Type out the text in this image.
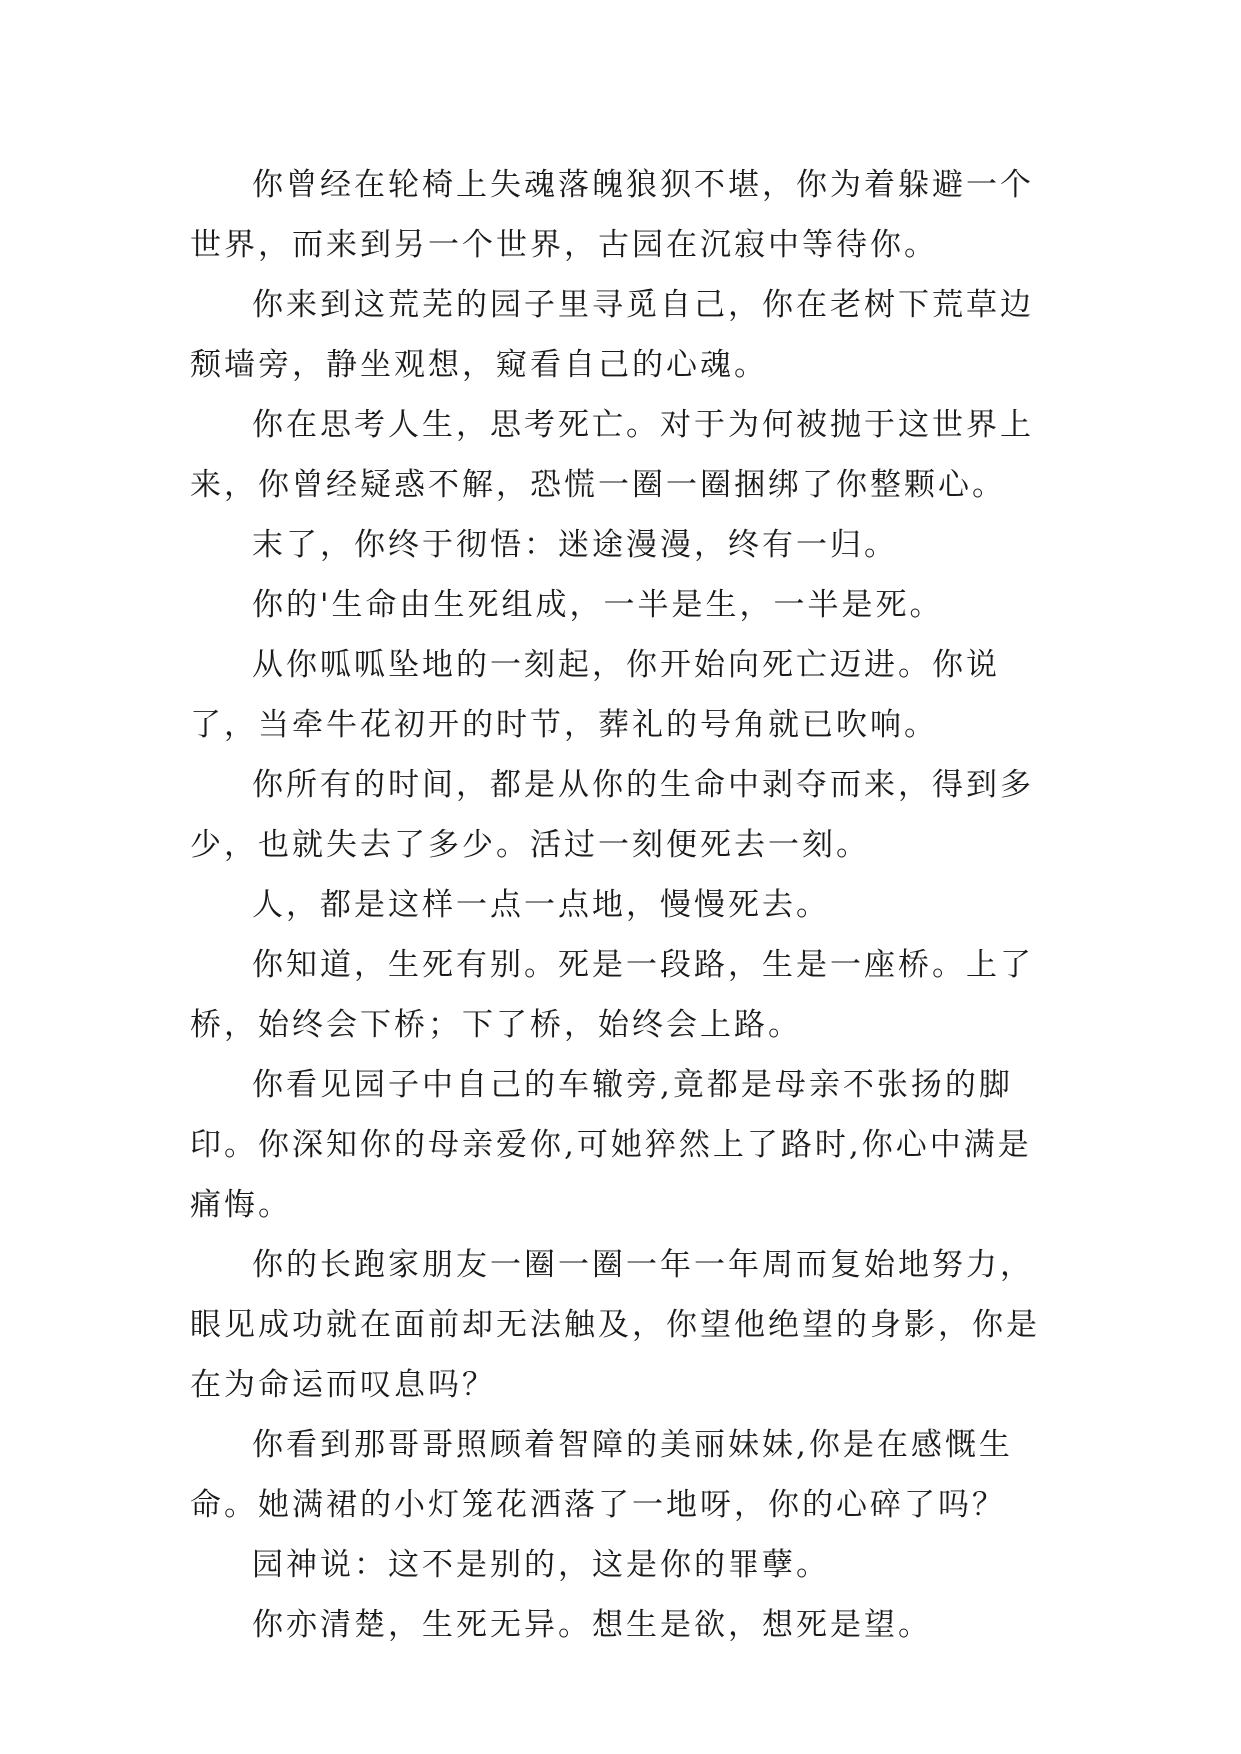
你曾经在轮椅上失魂落魄狼狈不堪，你为着躲避一个世界，而来到另一个世界，古园在沉寂中等待你。

你来到这荒芜的园子里寻觅自己，你在老树下荒草边颓墙旁，静坐观想，窥看自己的心魂。

你在思考人生，思考死亡。对于为何被抛于这世界上来，你曾经疑惑不解，恐慌一圈一圈捆绑了你整颗心。

末了，你终于彻悟：迷途漫漫，终有一归。

你的'生命由生死组成，一半是生，一半是死。

从你呱呱坠地的一刻起，你开始向死亡迈进。你说了，当牵牛花初开的时节，葬礼的号角就已吹响。

你所有的时间，都是从你的生命中剥夺而来，得到多少，也就失去了多少。活过一刻便死去一刻。

人，都是这样一点一点地，慢慢死去。

你知道，生死有别。死是一段路，生是一座桥。上了桥，始终会下桥；下了桥，始终会上路。

你看见园子中自己的车辙旁,竟都是母亲不张扬的脚印。你深知你的母亲爱你,可她猝然上了路时,你心中满是痛悔。

你的长跑家朋友一圈一圈一年一年周而复始地努力，眼见成功就在面前却无法触及，你望他绝望的身影，你是在为命运而叹息吗？

你看到那哥哥照顾着智障的美丽妹妹,你是在感慨生命。她满裙的小灯笼花洒落了一地呀，你的心碎了吗？

园神说：这不是别的，这是你的罪孽。

你亦清楚，生死无异。想生是欲，想死是望。
